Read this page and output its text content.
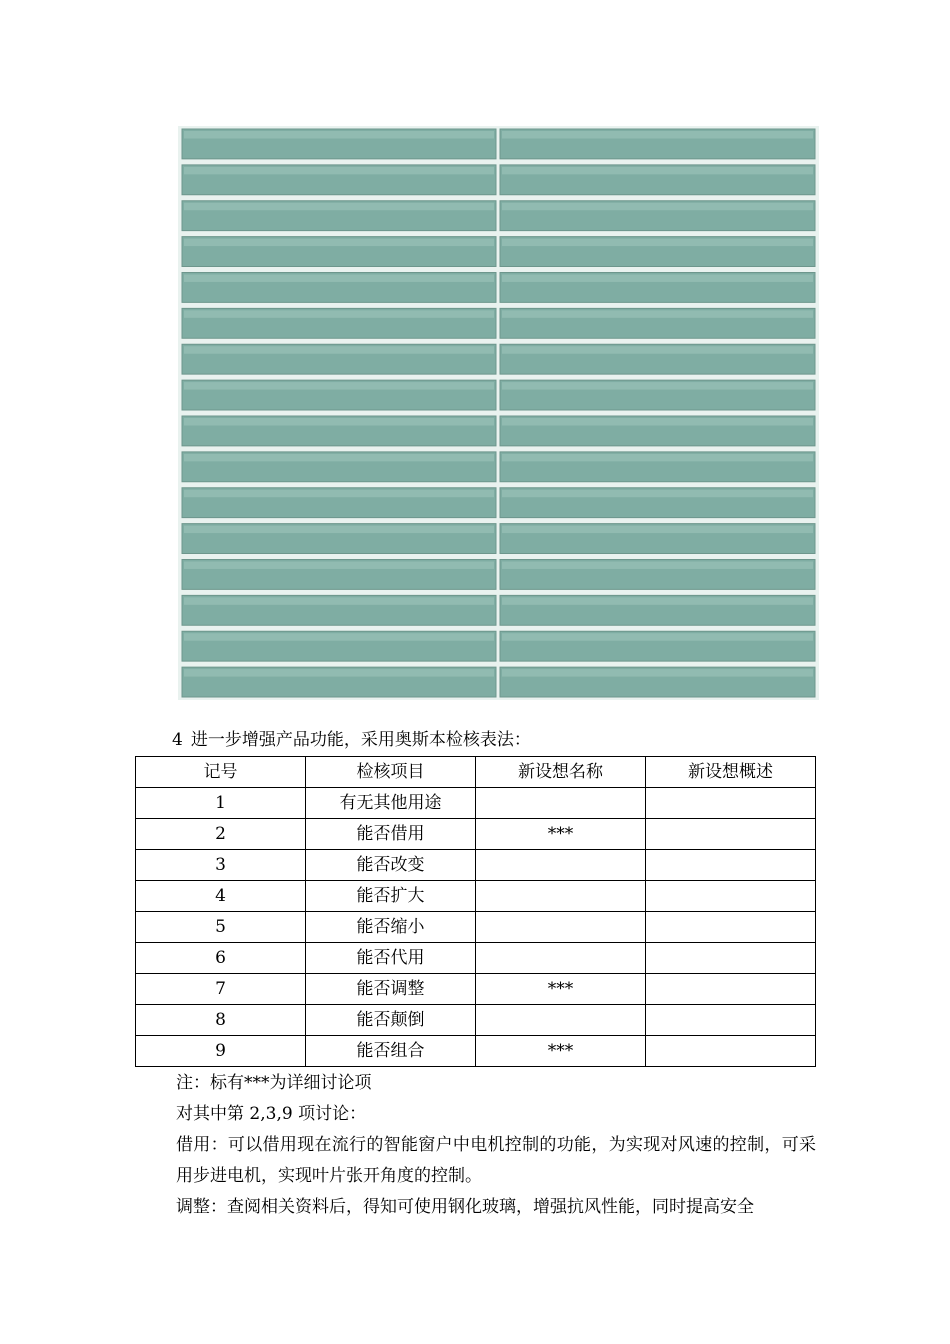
4 进一步增强产品功能，采用奥斯本检核表法：
记号	检核项目	新设想名称	新设想概述
1	有无其他用途		
2	能否借用	***	
3	能否改变		
4	能否扩大		
5	能否缩小		
6	能否代用		
7	能否调整	***	
8	能否颠倒		
9	能否组合	***	
注：标有***为详细讨论项
对其中第 2,3,9 项讨论：
借用：可以借用现在流行的智能窗户中电机控制的功能，为实现对风速的控制，可采用步进电机，实现叶片张开角度的控制。
调整：查阅相关资料后，得知可使用钢化玻璃，增强抗风性能，同时提高安全
